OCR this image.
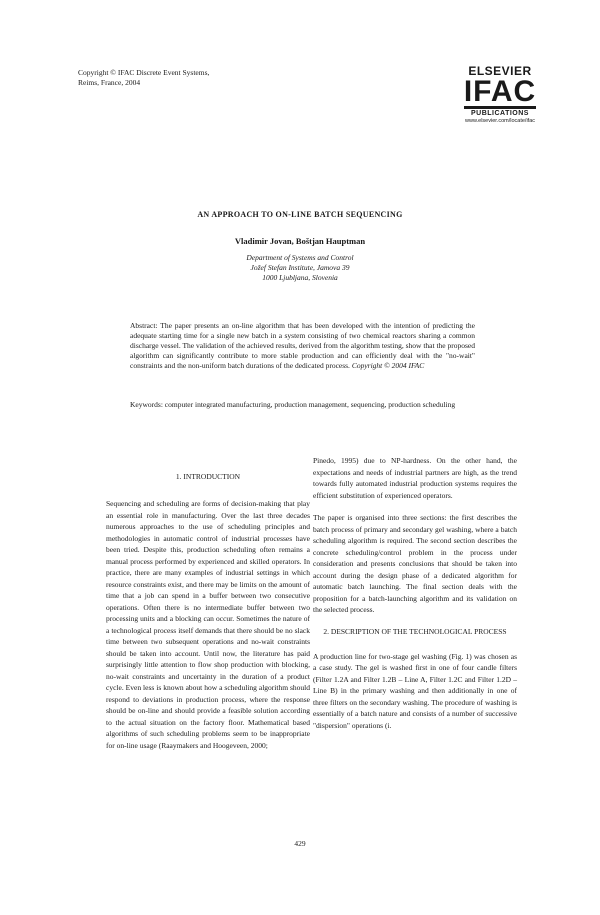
Copyright © IFAC Discrete Event Systems,
Reims, France, 2004
ELSEVIER
IFAC
PUBLICATIONS
www.elsevier.com/locate/ifac
AN APPROACH TO ON-LINE BATCH SEQUENCING
Vladimir Jovan, Boštjan Hauptman
Department of Systems and Control
Jožef Stefan Institute, Jamova 39
1000 Ljubljana, Slovenia
Abstract: The paper presents an on-line algorithm that has been developed with the intention of predicting the adequate starting time for a single new batch in a system consisting of two chemical reactors sharing a common discharge vessel. The validation of the achieved results, derived from the algorithm testing, show that the proposed algorithm can significantly contribute to more stable production and can efficiently deal with the "no-wait" constraints and the non-uniform batch durations of the dedicated process. Copyright © 2004 IFAC
Keywords: computer integrated manufacturing, production management, sequencing, production scheduling

1. INTRODUCTION

Sequencing and scheduling are forms of decision-making that play an essential role in manufacturing. Over the last three decades numerous approaches to the use of scheduling principles and methodologies in automatic control of industrial processes have been tried. Despite this, production scheduling often remains a manual process performed by experienced and skilled operators. In practice, there are many examples of industrial settings in which resource constraints exist, and there may be limits on the amount of time that a job can spend in a buffer between two consecutive operations. Often there is no intermediate buffer between two processing units and a blocking can occur. Sometimes the nature of a technological process itself demands that there should be no slack time between two subsequent operations and no-wait constraints should be taken into account. Until now, the literature has paid surprisingly little attention to flow shop production with blocking, no-wait constraints and uncertainty in the duration of a product cycle. Even less is known about how a scheduling algorithm should respond to deviations in production process, where the response should be on-line and should provide a feasible solution according to the actual situation on the factory floor. Mathematical based algorithms of such scheduling problems seem to be inappropriate for on-line usage (Raaymakers and Hoogeveen, 2000;

Pinedo, 1995) due to NP-hardness. On the other hand, the expectations and needs of industrial partners are high, as the trend towards fully automated industrial production systems requires the efficient substitution of experienced operators.

The paper is organised into three sections: the first describes the batch process of primary and secondary gel washing, where a batch scheduling algorithm is required. The second section describes the concrete scheduling/control problem in the process under consideration and presents conclusions that should be taken into account during the design phase of a dedicated algorithm for automatic batch launching. The final section deals with the proposition for a batch-launching algorithm and its validation on the selected process.

2. DESCRIPTION OF THE TECHNOLOGICAL PROCESS

A production line for two-stage gel washing (Fig. 1) was chosen as a case study. The gel is washed first in one of four candle filters (Filter 1.2A and Filter 1.2B – Line A, Filter 1.2C and Filter 1.2D – Line B) in the primary washing and then additionally in one of three filters on the secondary washing. The procedure of washing is essentially of a batch nature and consists of a number of successive "dispersion" operations (i.

429
